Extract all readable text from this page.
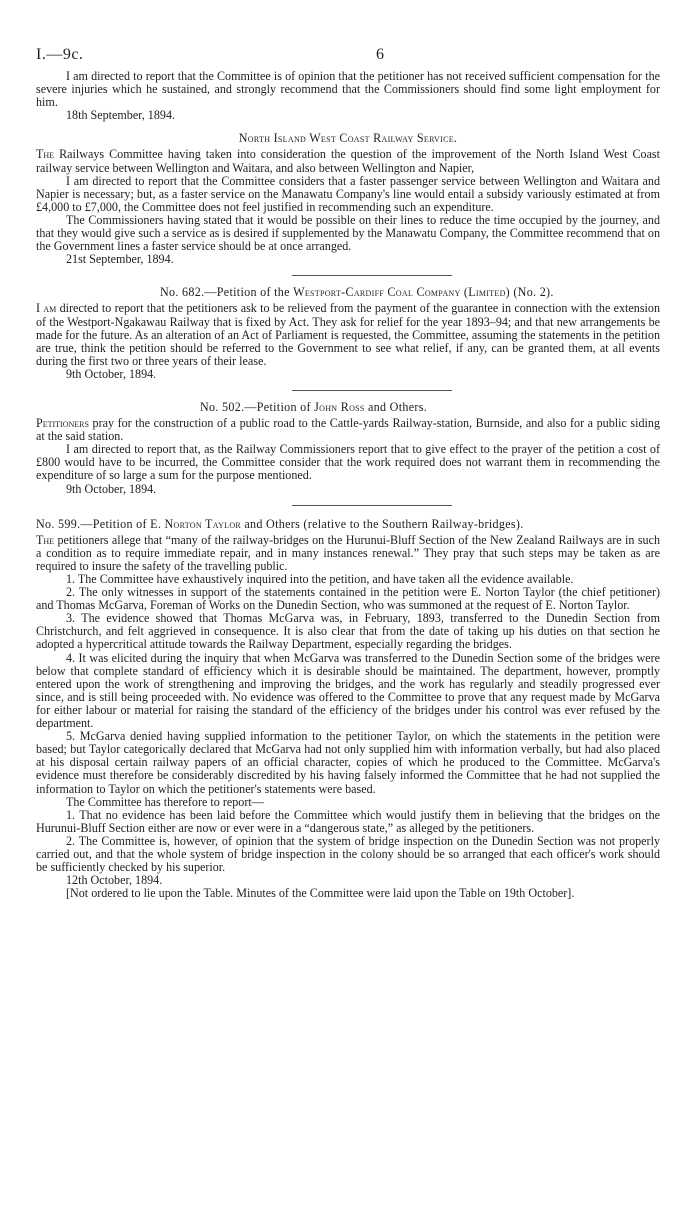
I.—9c.	6

I am directed to report that the Committee is of opinion that the petitioner has not received sufficient compensation for the severe injuries which he sustained, and strongly recommend that the Commissioners should find some light employment for him.

18th September, 1894.
North Island West Coast Railway Service.

The Railways Committee having taken into consideration the question of the improvement of the North Island West Coast railway service between Wellington and Waitara, and also between Wellington and Napier,

I am directed to report that the Committee considers that a faster passenger service between Wellington and Waitara and Napier is necessary; but, as a faster service on the Manawatu Company's line would entail a subsidy variously estimated at from £4,000 to £7,000, the Committee does not feel justified in recommending such an expenditure.

The Commissioners having stated that it would be possible on their lines to reduce the time occupied by the journey, and that they would give such a service as is desired if supplemented by the Manawatu Company, the Committee recommend that on the Government lines a faster service should be at once arranged.

21st September, 1894.
No. 682.—Petition of the Westport-Cardiff Coal Company (Limited) (No. 2).

I am directed to report that the petitioners ask to be relieved from the payment of the guarantee in connection with the extension of the Westport-Ngakawau Railway that is fixed by Act. They ask for relief for the year 1893–94; and that new arrangements be made for the future. As an alteration of an Act of Parliament is requested, the Committee, assuming the statements in the petition are true, think the petition should be referred to the Government to see what relief, if any, can be granted them, at all events during the first two or three years of their lease.

9th October, 1894.
No. 502.—Petition of John Ross and Others.

Petitioners pray for the construction of a public road to the Cattle-yards Railway-station, Burnside, and also for a public siding at the said station.

I am directed to report that, as the Railway Commissioners report that to give effect to the prayer of the petition a cost of £800 would have to be incurred, the Committee consider that the work required does not warrant them in recommending the expenditure of so large a sum for the purpose mentioned.

9th October, 1894.
No. 599.—Petition of E. Norton Taylor and Others (relative to the Southern Railway-bridges).

The petitioners allege that “many of the railway-bridges on the Hurunui-Bluff Section of the New Zealand Railways are in such a condition as to require immediate repair, and in many instances renewal.” They pray that such steps may be taken as are required to insure the safety of the travelling public.

1. The Committee have exhaustively inquired into the petition, and have taken all the evidence available.

2. The only witnesses in support of the statements contained in the petition were E. Norton Taylor (the chief petitioner) and Thomas McGarva, Foreman of Works on the Dunedin Section, who was summoned at the request of E. Norton Taylor.

3. The evidence showed that Thomas McGarva was, in February, 1893, transferred to the Dunedin Section from Christchurch, and felt aggrieved in consequence. It is also clear that from the date of taking up his duties on that section he adopted a hypercritical attitude towards the Railway Department, especially regarding the bridges.

4. It was elicited during the inquiry that when McGarva was transferred to the Dunedin Section some of the bridges were below that complete standard of efficiency which it is desirable should be maintained. The department, however, promptly entered upon the work of strengthening and improving the bridges, and the work has regularly and steadily progressed ever since, and is still being proceeded with. No evidence was offered to the Committee to prove that any request made by McGarva for either labour or material for raising the standard of the efficiency of the bridges under his control was ever refused by the department.

5. McGarva denied having supplied information to the petitioner Taylor, on which the statements in the petition were based; but Taylor categorically declared that McGarva had not only supplied him with information verbally, but had also placed at his disposal certain railway papers of an official character, copies of which he produced to the Committee. McGarva's evidence must therefore be considerably discredited by his having falsely informed the Committee that he had not supplied the information to Taylor on which the petitioner's statements were based.

The Committee has therefore to report—

1. That no evidence has been laid before the Committee which would justify them in believing that the bridges on the Hurunui-Bluff Section either are now or ever were in a “dangerous state,” as alleged by the petitioners.

2. The Committee is, however, of opinion that the system of bridge inspection on the Dunedin Section was not properly carried out, and that the whole system of bridge inspection in the colony should be so arranged that each officer's work should be sufficiently checked by his superior.

12th October, 1894.

[Not ordered to lie upon the Table. Minutes of the Committee were laid upon the Table on 19th October].
